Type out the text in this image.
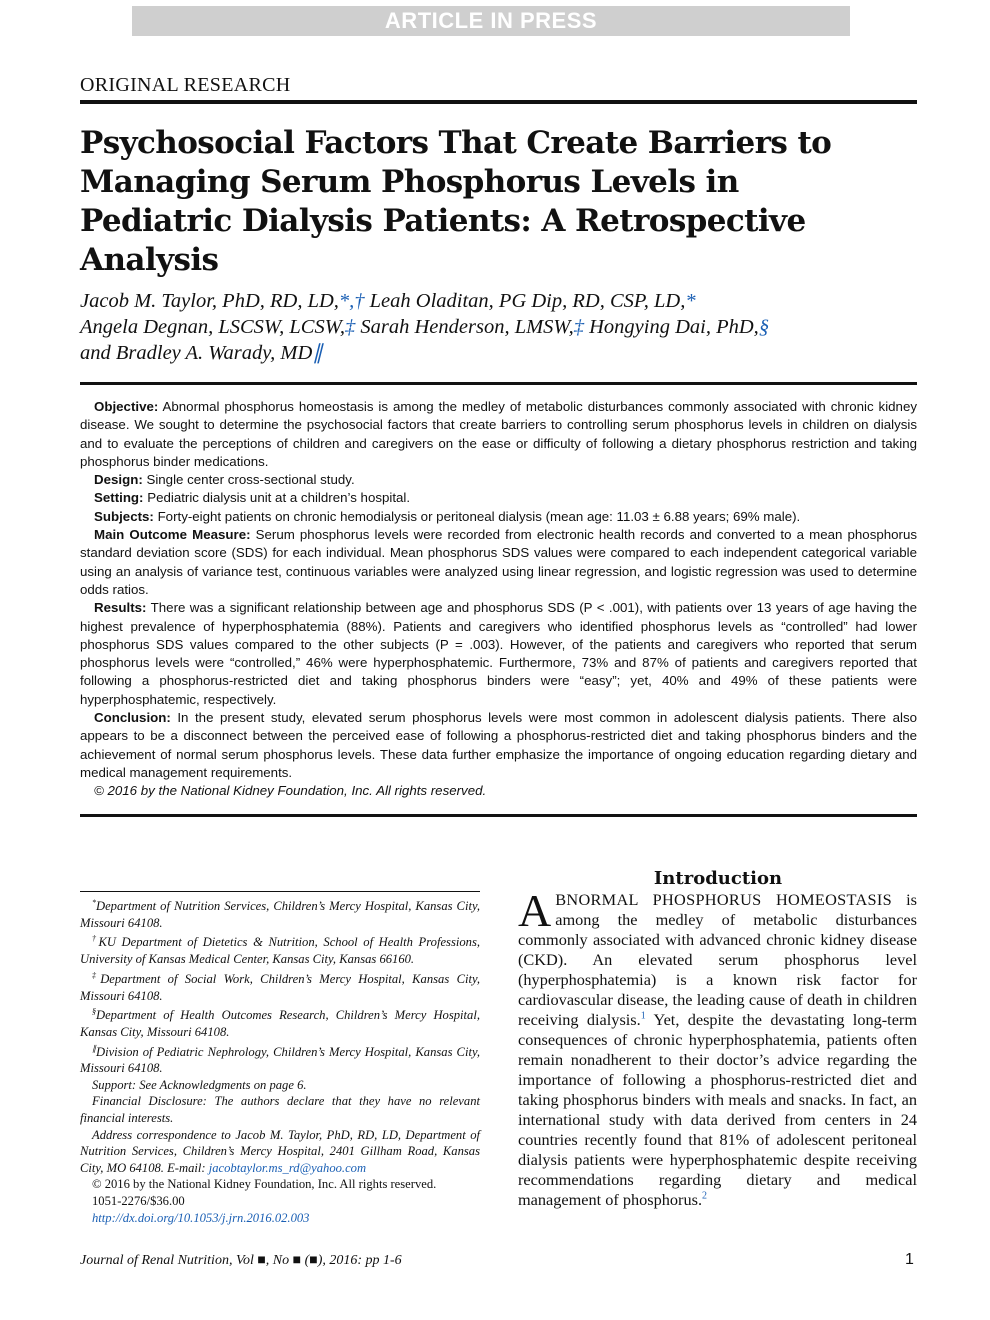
ARTICLE IN PRESS
ORIGINAL RESEARCH
Psychosocial Factors That Create Barriers to Managing Serum Phosphorus Levels in Pediatric Dialysis Patients: A Retrospective Analysis
Jacob M. Taylor, PhD, RD, LD,*,† Leah Oladitan, PG Dip, RD, CSP, LD,*
Angela Degnan, LSCSW, LCSW,‡ Sarah Henderson, LMSW,‡ Hongying Dai, PhD,§
and Bradley A. Warady, MD∥

Objective: Abnormal phosphorus homeostasis is among the medley of metabolic disturbances commonly associated with chronic kidney disease. We sought to determine the psychosocial factors that create barriers to controlling serum phosphorus levels in children on dialysis and to evaluate the perceptions of children and caregivers on the ease or difficulty of following a dietary phosphorus restriction and taking phosphorus binder medications.

Design: Single center cross-sectional study.

Setting: Pediatric dialysis unit at a children’s hospital.

Subjects: Forty-eight patients on chronic hemodialysis or peritoneal dialysis (mean age: 11.03 ± 6.88 years; 69% male).

Main Outcome Measure: Serum phosphorus levels were recorded from electronic health records and converted to a mean phosphorus standard deviation score (SDS) for each individual. Mean phosphorus SDS values were compared to each independent categorical variable using an analysis of variance test, continuous variables were analyzed using linear regression, and logistic regression was used to determine odds ratios.

Results: There was a significant relationship between age and phosphorus SDS (P < .001), with patients over 13 years of age having the highest prevalence of hyperphosphatemia (88%). Patients and caregivers who identified phosphorus levels as “controlled” had lower phosphorus SDS values compared to the other subjects (P = .003). However, of the patients and caregivers who reported that serum phosphorus levels were “controlled,” 46% were hyperphosphatemic. Furthermore, 73% and 87% of patients and caregivers reported that following a phosphorus-restricted diet and taking phosphorus binders were “easy”; yet, 40% and 49% of these patients were hyperphosphatemic, respectively.

Conclusion: In the present study, elevated serum phosphorus levels were most common in adolescent dialysis patients. There also appears to be a disconnect between the perceived ease of following a phosphorus-restricted diet and taking phosphorus binders and the achievement of normal serum phosphorus levels. These data further emphasize the importance of ongoing education regarding dietary and medical management requirements.

© 2016 by the National Kidney Foundation, Inc. All rights reserved.

*Department of Nutrition Services, Children’s Mercy Hospital, Kansas City, Missouri 64108.

†KU Department of Dietetics & Nutrition, School of Health Professions, University of Kansas Medical Center, Kansas City, Kansas 66160.

‡Department of Social Work, Children’s Mercy Hospital, Kansas City, Missouri 64108.

§Department of Health Outcomes Research, Children’s Mercy Hospital, Kansas City, Missouri 64108.

∥Division of Pediatric Nephrology, Children’s Mercy Hospital, Kansas City, Missouri 64108.

Support: See Acknowledgments on page 6.

Financial Disclosure: The authors declare that they have no relevant financial interests.

Address correspondence to Jacob M. Taylor, PhD, RD, LD, Department of Nutrition Services, Children’s Mercy Hospital, 2401 Gillham Road, Kansas City, MO 64108. E-mail: jacobtaylor.ms_rd@yahoo.com

© 2016 by the National Kidney Foundation, Inc. All rights reserved.

1051-2276/$36.00

http://dx.doi.org/10.1053/j.jrn.2016.02.003

Introduction

ABNORMAL PHOSPHORUS HOMEOSTASIS is among the medley of metabolic disturbances commonly associated with advanced chronic kidney disease (CKD). An elevated serum phosphorus level (hyperphosphatemia) is a known risk factor for cardiovascular disease, the leading cause of death in children receiving dialysis.$^1$ Yet, despite the devastating long-term consequences of chronic hyperphosphatemia, patients often remain nonadherent to their doctor’s advice regarding the importance of following a phosphorus-restricted diet and taking phosphorus binders with meals and snacks. In fact, an international study with data derived from centers in 24 countries recently found that 81% of adolescent peritoneal dialysis patients were hyperphosphatemic despite receiving recommendations regarding dietary and medical management of phosphorus.$^2$

Journal of Renal Nutrition, Vol ■, No ■ (■), 2016: pp 1-6	1
